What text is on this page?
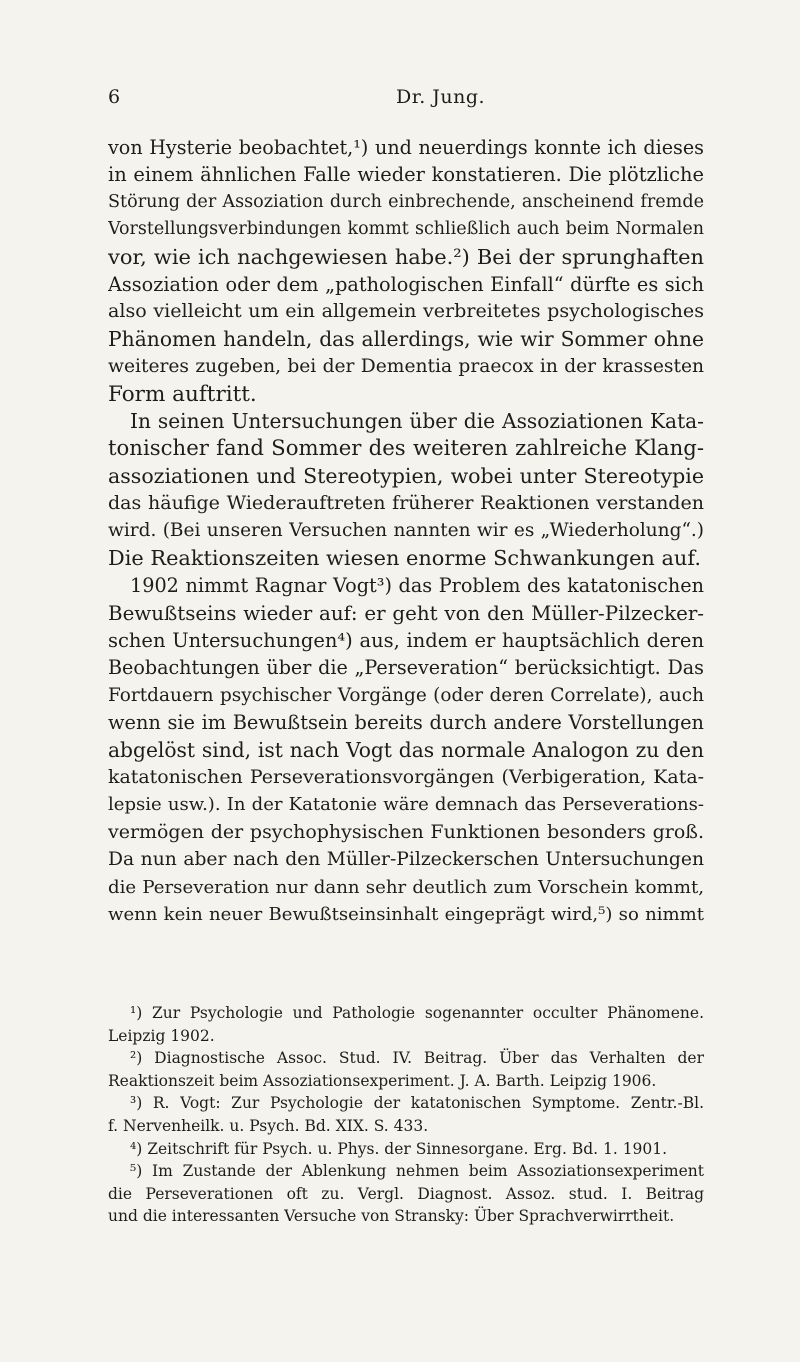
6	Dr. Jung.
von Hysterie beobachtet,¹) und neuerdings konnte ich dieses
in einem ähnlichen Falle wieder konstatieren. Die plötzliche
Störung der Assoziation durch einbrechende, anscheinend fremde
Vorstellungsverbindungen kommt schließlich auch beim Normalen
vor, wie ich nachgewiesen habe.²) Bei der sprunghaften
Assoziation oder dem „pathologischen Einfall“ dürfte es sich
also vielleicht um ein allgemein verbreitetes psychologisches
Phänomen handeln, das allerdings, wie wir Sommer ohne
weiteres zugeben, bei der Dementia praecox in der krassesten
Form auftritt.
In seinen Untersuchungen über die Assoziationen Kata-
tonischer fand Sommer des weiteren zahlreiche Klang-
assoziationen und Stereotypien, wobei unter Stereotypie
das häufige Wiederauftreten früherer Reaktionen verstanden
wird. (Bei unseren Versuchen nannten wir es „Wiederholung“.)
Die Reaktionszeiten wiesen enorme Schwankungen auf.
1902 nimmt Ragnar Vogt³) das Problem des katatonischen
Bewußtseins wieder auf: er geht von den Müller-Pilzecker-
schen Untersuchungen⁴) aus, indem er hauptsächlich deren
Beobachtungen über die „Perseveration“ berücksichtigt. Das
Fortdauern psychischer Vorgänge (oder deren Correlate), auch
wenn sie im Bewußtsein bereits durch andere Vorstellungen
abgelöst sind, ist nach Vogt das normale Analogon zu den
katatonischen Perseverationsvorgängen (Verbigeration, Kata-
lepsie usw.). In der Katatonie wäre demnach das Perseverations-
vermögen der psychophysischen Funktionen besonders groß.
Da nun aber nach den Müller-Pilzeckerschen Untersuchungen
die Perseveration nur dann sehr deutlich zum Vorschein kommt,
wenn kein neuer Bewußtseinsinhalt eingeprägt wird,⁵) so nimmt
¹) Zur Psychologie und Pathologie sogenannter occulter Phänomene.
Leipzig 1902.
²) Diagnostische Assoc. Stud. IV. Beitrag. Über das Verhalten der
Reaktionszeit beim Assoziationsexperiment. J. A. Barth. Leipzig 1906.
³) R. Vogt: Zur Psychologie der katatonischen Symptome. Zentr.-Bl.
f. Nervenheilk. u. Psych. Bd. XIX. S. 433.
⁴) Zeitschrift für Psych. u. Phys. der Sinnesorgane. Erg. Bd. 1. 1901.
⁵) Im Zustande der Ablenkung nehmen beim Assoziationsexperiment
die Perseverationen oft zu. Vergl. Diagnost. Assoz. stud. I. Beitrag
und die interessanten Versuche von Stransky: Über Sprachverwirrtheit.
